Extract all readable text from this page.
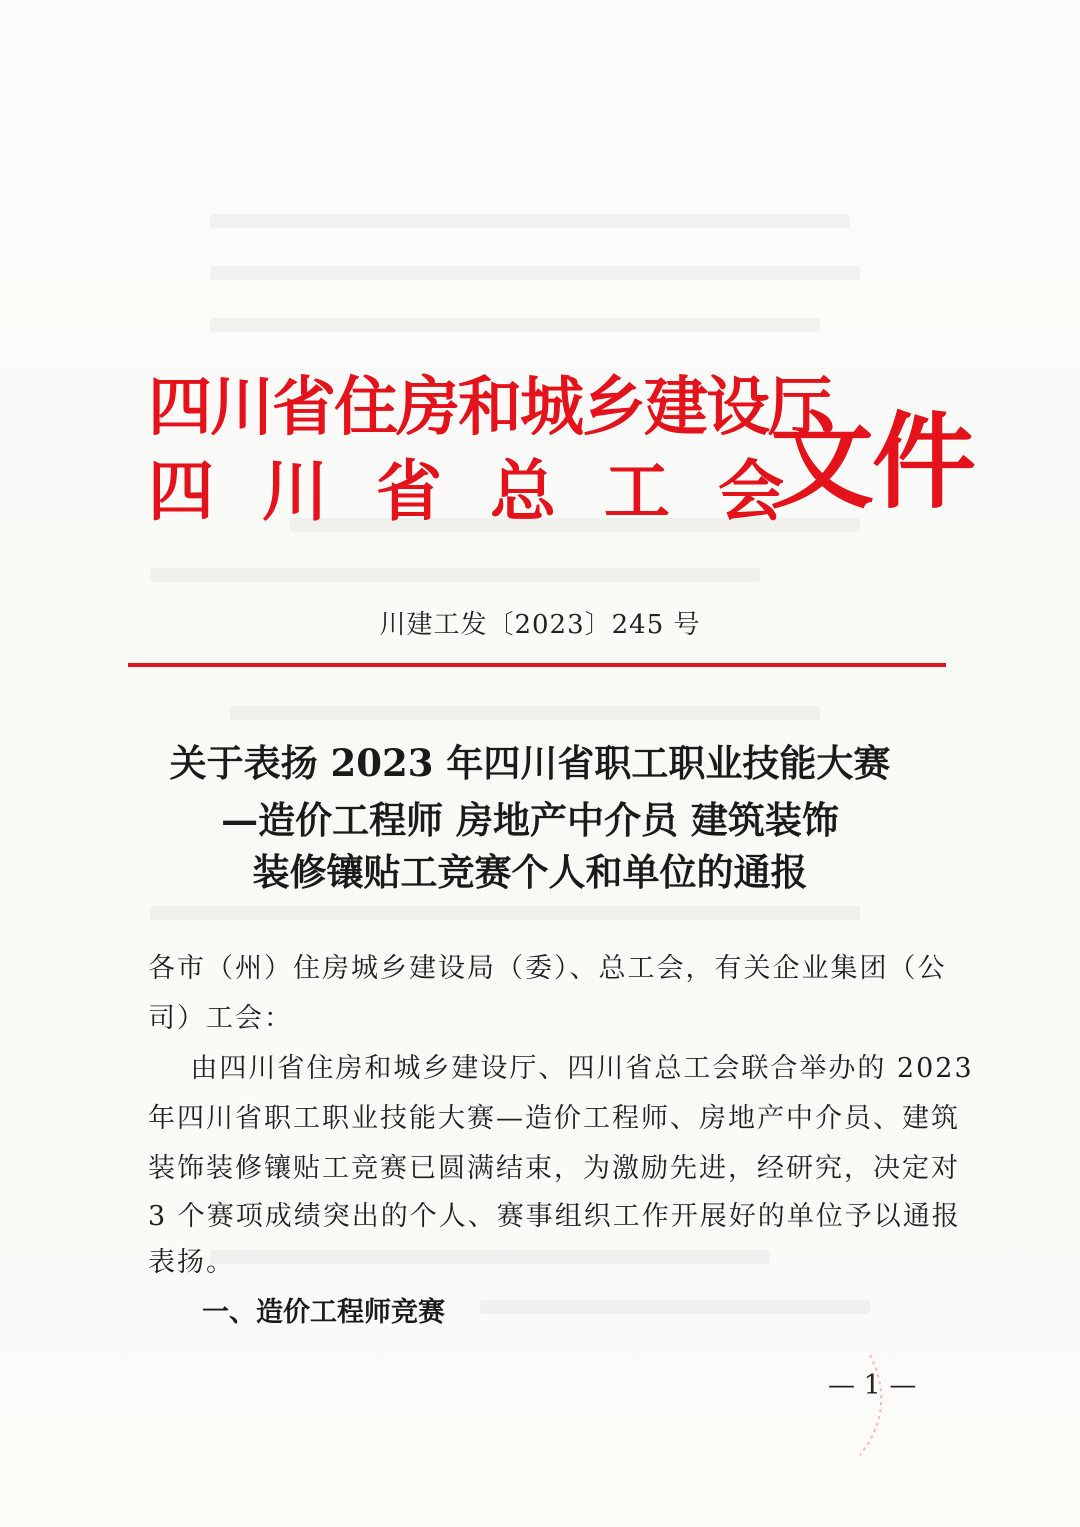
四川省住房和城乡建设厅
四川省总工会
文件
川建工发〔2023〕245 号
关于表扬 2023 年四川省职工职业技能大赛
—造价工程师 房地产中介员 建筑装饰
装修镶贴工竞赛个人和单位的通报
各市（州）住房城乡建设局（委）、总工会，有关企业集团（公
司）工会：
由四川省住房和城乡建设厅、四川省总工会联合举办的 2023
年四川省职工职业技能大赛—造价工程师、房地产中介员、建筑
装饰装修镶贴工竞赛已圆满结束，为激励先进，经研究，决定对
3 个赛项成绩突出的个人、赛事组织工作开展好的单位予以通报
表扬。
一、造价工程师竞赛
— 1 —
